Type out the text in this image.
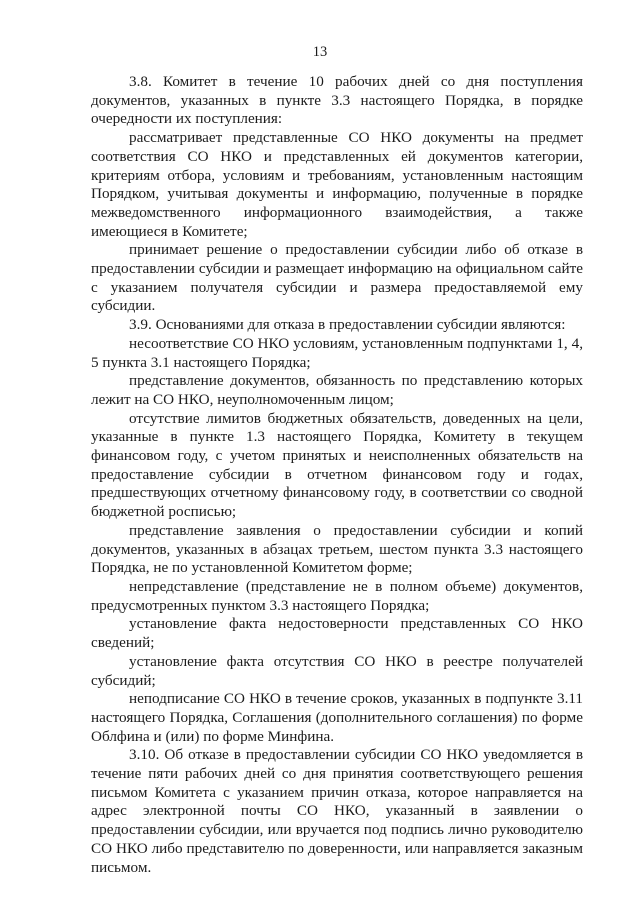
13

3.8. Комитет в течение 10 рабочих дней со дня поступления документов, указанных в пункте 3.3 настоящего Порядка, в порядке очередности их поступления:

рассматривает представленные СО НКО документы на предмет соответствия СО НКО и представленных ей документов категории, критериям отбора, условиям и требованиям, установленным настоящим Порядком, учитывая документы и информацию, полученные в порядке межведомственного информационного взаимодействия, а также имеющиеся в Комитете;

принимает решение о предоставлении субсидии либо об отказе в предоставлении субсидии и размещает информацию на официальном сайте с указанием получателя субсидии и размера предоставляемой ему субсидии.

3.9. Основаниями для отказа в предоставлении субсидии являются:

несоответствие СО НКО условиям, установленным подпунктами 1, 4, 5 пункта 3.1 настоящего Порядка;

представление документов, обязанность по представлению которых лежит на СО НКО, неуполномоченным лицом;

отсутствие лимитов бюджетных обязательств, доведенных на цели, указанные в пункте 1.3 настоящего Порядка, Комитету в текущем финансовом году, с учетом принятых и неисполненных обязательств на предоставление субсидии в отчетном финансовом году и годах, предшествующих отчетному финансовому году, в соответствии со сводной бюджетной росписью;

представление заявления о предоставлении субсидии и копий документов, указанных в абзацах третьем, шестом пункта 3.3 настоящего Порядка, не по установленной Комитетом форме;

непредставление (представление не в полном объеме) документов, предусмотренных пунктом 3.3 настоящего Порядка;

установление факта недостоверности представленных СО НКО сведений;

установление факта отсутствия СО НКО в реестре получателей субсидий;

неподписание СО НКО в течение сроков, указанных в подпункте 3.11 настоящего Порядка, Соглашения (дополнительного соглашения) по форме Облфина и (или) по форме Минфина.

3.10. Об отказе в предоставлении субсидии СО НКО уведомляется в течение пяти рабочих дней со дня принятия соответствующего решения письмом Комитета с указанием причин отказа, которое направляется на адрес электронной почты СО НКО, указанный в заявлении о предоставлении субсидии, или вручается под подпись лично руководителю СО НКО либо представителю по доверенности, или направляется заказным письмом.
